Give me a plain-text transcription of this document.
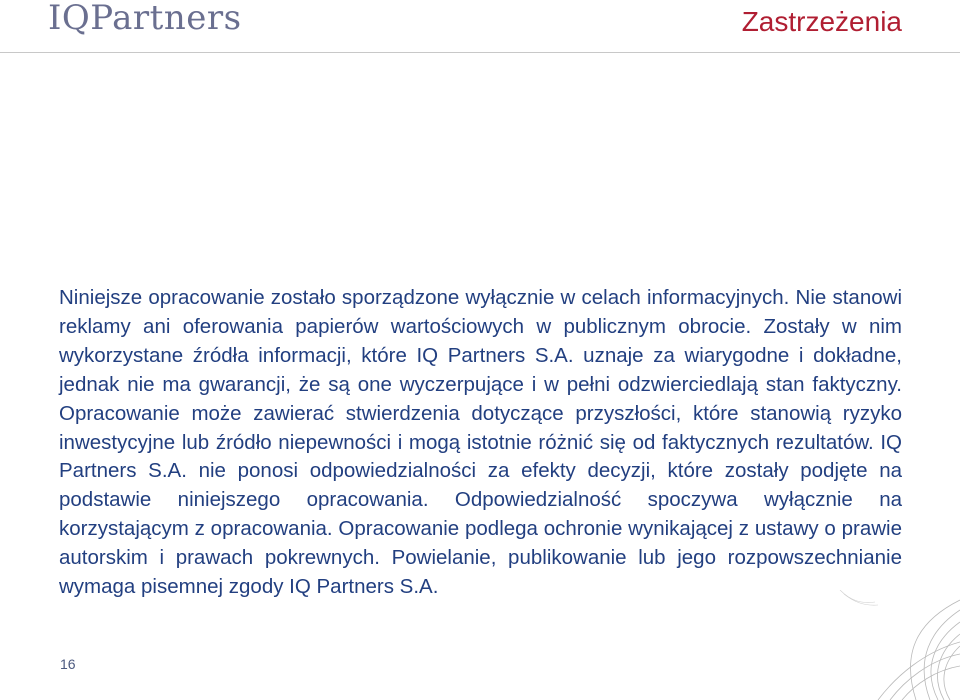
IQPartners	Zastrzeżenia

Niniejsze opracowanie zostało sporządzone wyłącznie w celach informacyjnych. Nie stanowi reklamy ani oferowania papierów wartościowych w publicznym obrocie. Zostały w nim wykorzystane źródła informacji, które IQ Partners S.A. uznaje za wiarygodne i dokładne, jednak nie ma gwarancji, że są one wyczerpujące i w pełni odzwierciedlają stan faktyczny. Opracowanie może zawierać stwierdzenia dotyczące przyszłości, które stanowią ryzyko inwestycyjne lub źródło niepewności i mogą istotnie różnić się od faktycznych rezultatów. IQ Partners S.A. nie ponosi odpowiedzialności za efekty decyzji, które zostały podjęte na podstawie niniejszego opracowania. Odpowiedzialność spoczywa wyłącznie na korzystającym z opracowania. Opracowanie podlega ochronie wynikającej z ustawy o prawie autorskim i prawach pokrewnych. Powielanie, publikowanie lub jego rozpowszechnianie wymaga pisemnej zgody IQ Partners S.A.

16
